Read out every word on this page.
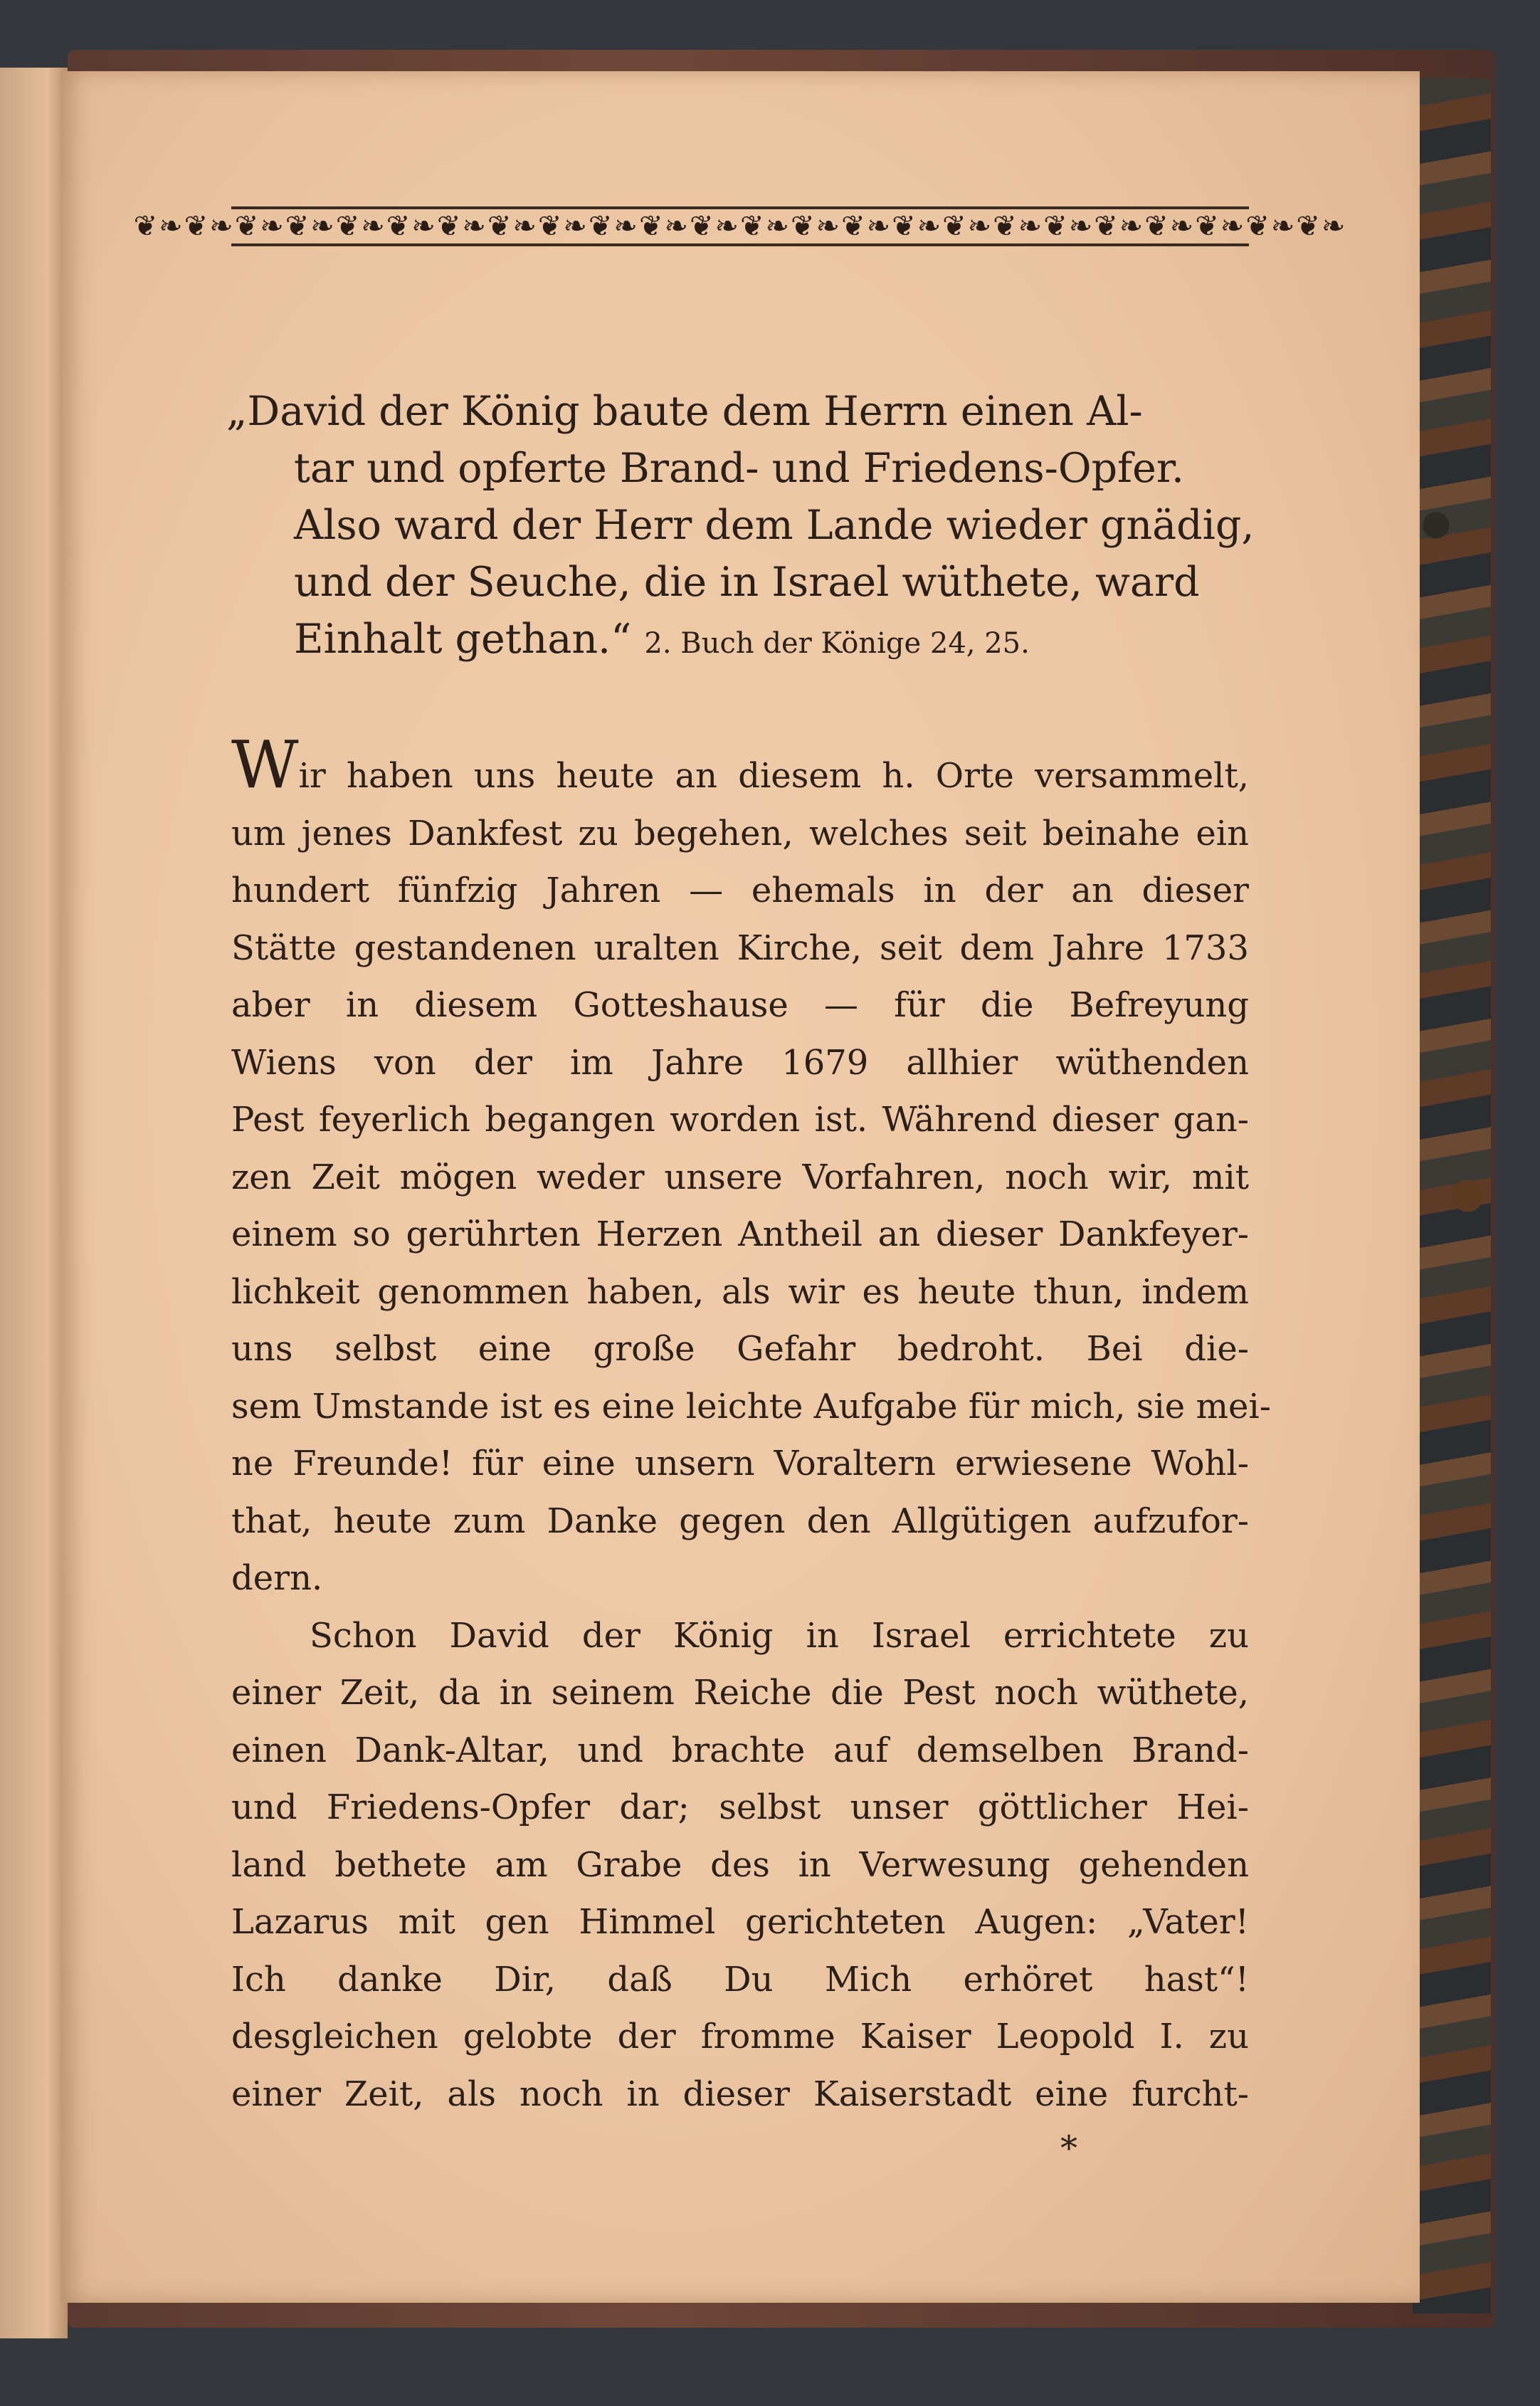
❦❧❦❧❦❧❦❧❦❧❦❧❦❧❦❧❦❧❦❧❦❧❦❧❦❧❦❧❦❧❦❧❦❧❦❧❦❧❦❧❦❧❦❧❦❧❦❧
„David der König baute dem Herrn einen Al-
tar und opferte Brand- und Friedens-Opfer.
Also ward der Herr dem Lande wieder gnädig,
und der Seuche, die in Israel wüthete, ward
Einhalt gethan.“ 2. Buch der Könige 24, 25.
Wir haben uns heute an diesem h. Orte versammelt,
um jenes Dankfest zu begehen, welches seit beinahe ein
hundert fünfzig Jahren — ehemals in der an dieser
Stätte gestandenen uralten Kirche, seit dem Jahre 1733
aber in diesem Gotteshause — für die Befreyung
Wiens von der im Jahre 1679 allhier wüthenden
Pest feyerlich begangen worden ist. Während dieser gan-
zen Zeit mögen weder unsere Vorfahren, noch wir, mit
einem so gerührten Herzen Antheil an dieser Dankfeyer-
lichkeit genommen haben, als wir es heute thun, indem
uns selbst eine große Gefahr bedroht. Bei die-
sem Umstande ist es eine leichte Aufgabe für mich, sie mei-
ne Freunde! für eine unsern Voraltern erwiesene Wohl-
that, heute zum Danke gegen den Allgütigen aufzufor-
dern.
Schon David der König in Israel errichtete zu
einer Zeit, da in seinem Reiche die Pest noch wüthete,
einen Dank-Altar, und brachte auf demselben Brand-
und Friedens-Opfer dar; selbst unser göttlicher Hei-
land bethete am Grabe des in Verwesung gehenden
Lazarus mit gen Himmel gerichteten Augen: „Vater!
Ich danke Dir, daß Du Mich erhöret hast“!
desgleichen gelobte der fromme Kaiser Leopold I. zu
einer Zeit, als noch in dieser Kaiserstadt eine furcht-
*
